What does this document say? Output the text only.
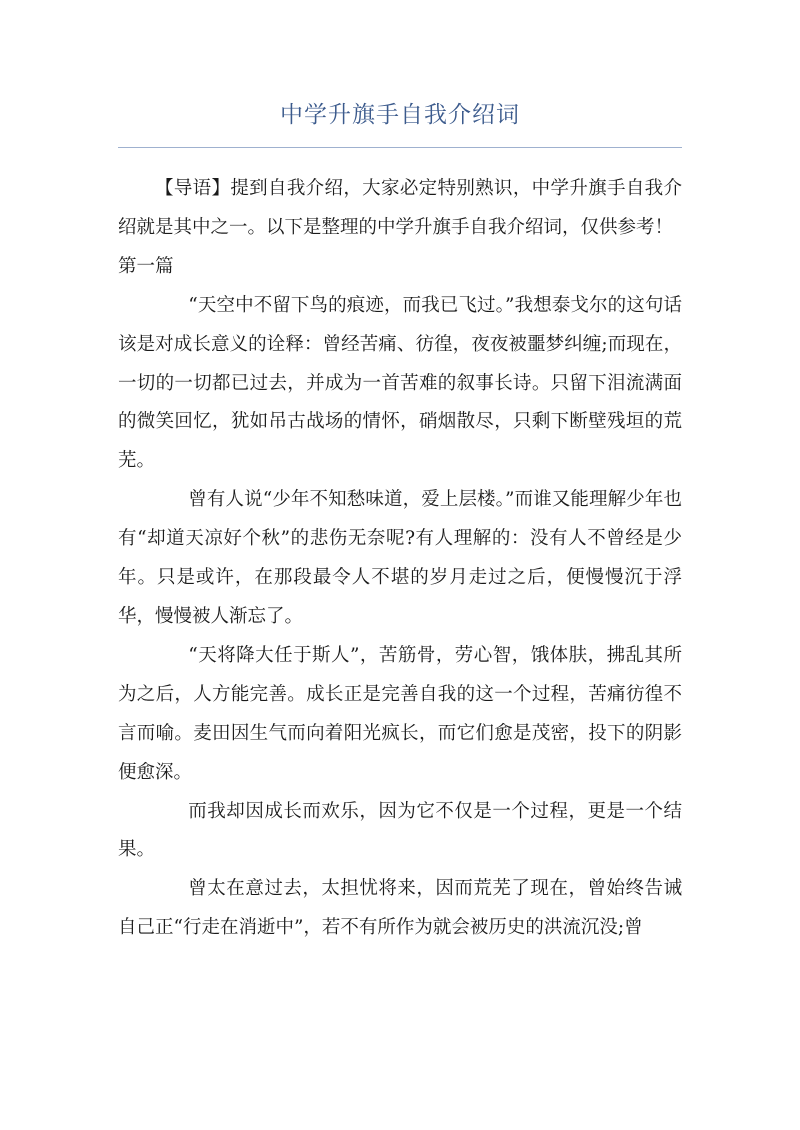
中学升旗手自我介绍词

【导语】提到自我介绍，大家必定特别熟识，中学升旗手自我介绍就是其中之一。以下是整理的中学升旗手自我介绍词，仅供参考！

第一篇

“天空中不留下鸟的痕迹，而我已飞过。”我想泰戈尔的这句话该是对成长意义的诠释：曾经苦痛、彷徨，夜夜被噩梦纠缠;而现在，一切的一切都已过去，并成为一首苦难的叙事长诗。只留下泪流满面的微笑回忆，犹如吊古战场的情怀，硝烟散尽，只剩下断壁残垣的荒芜。

曾有人说“少年不知愁味道，爱上层楼。”而谁又能理解少年也有“却道天凉好个秋”的悲伤无奈呢?有人理解的：没有人不曾经是少年。只是或许，在那段最令人不堪的岁月走过之后，便慢慢沉于浮华，慢慢被人渐忘了。

“天将降大任于斯人”，苦筋骨，劳心智，饿体肤，拂乱其所为之后，人方能完善。成长正是完善自我的这一个过程，苦痛彷徨不言而喻。麦田因生气而向着阳光疯长，而它们愈是茂密，投下的阴影便愈深。

而我却因成长而欢乐，因为它不仅是一个过程，更是一个结果。

曾太在意过去，太担忧将来，因而荒芜了现在，曾始终告诫自己正“行走在消逝中”，若不有所作为就会被历史的洪流沉没;曾
